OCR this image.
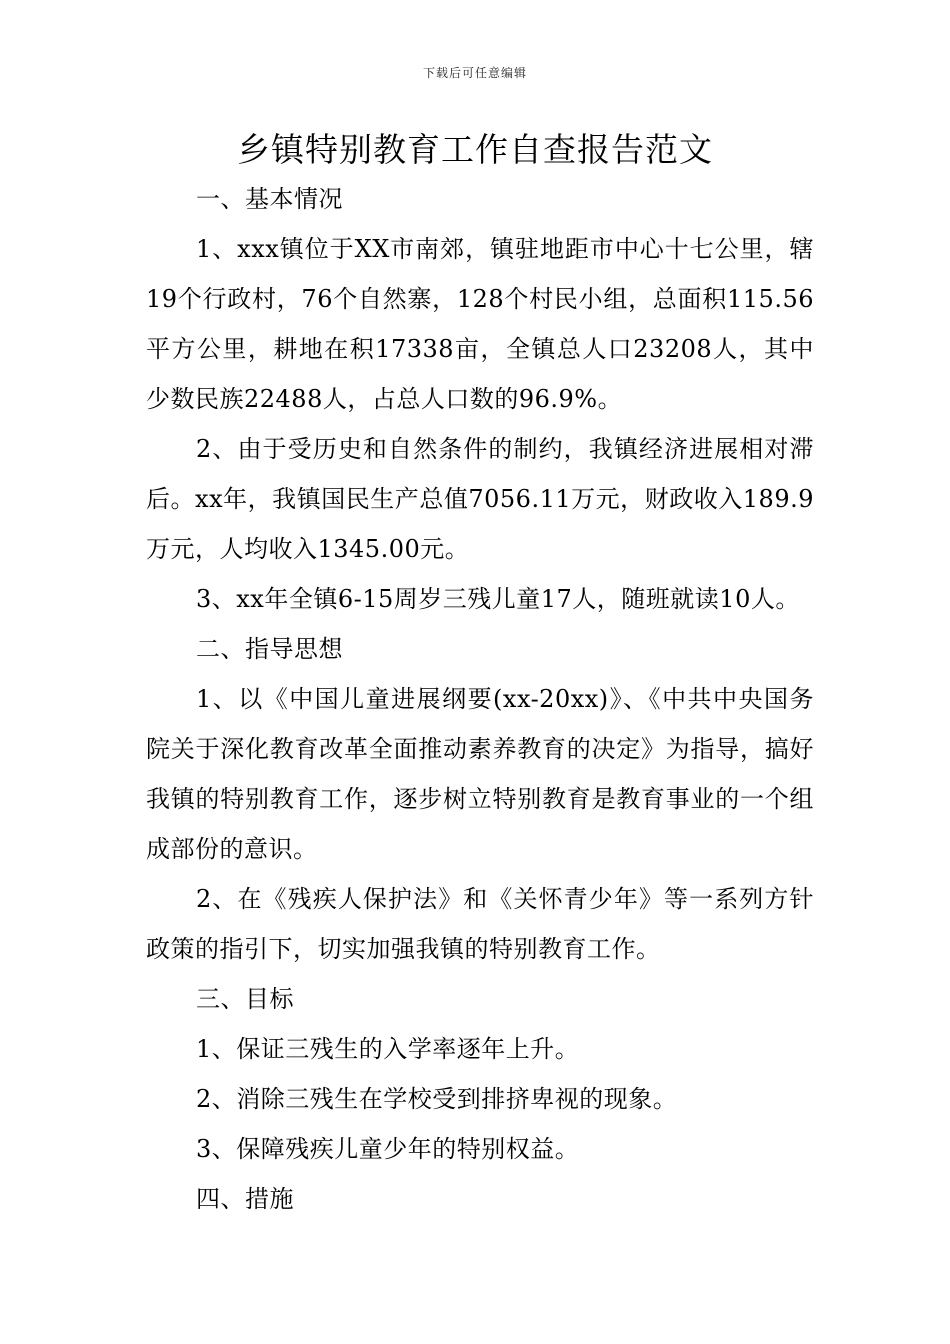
下载后可任意编辑
乡镇特别教育工作自查报告范文

一、基本情况

1、xxx镇位于XX市南郊，镇驻地距市中心十七公里，辖19个行政村，76个自然寨，128个村民小组，总面积115.56平方公里，耕地在积17338亩，全镇总人口23208人，其中少数民族22488人，占总人口数的96.9%。

2、由于受历史和自然条件的制约，我镇经济进展相对滞后。xx年，我镇国民生产总值7056.11万元，财政收入189.9万元，人均收入1345.00元。

3、xx年全镇6-15周岁三残儿童17人，随班就读10人。

二、指导思想

1、以《中国儿童进展纲要(xx-20xx)》、《中共中央国务院关于深化教育改革全面推动素养教育的决定》为指导，搞好我镇的特别教育工作，逐步树立特别教育是教育事业的一个组成部份的意识。

2、在《残疾人保护法》和《关怀青少年》等一系列方针政策的指引下，切实加强我镇的特别教育工作。

三、目标

1、保证三残生的入学率逐年上升。

2、消除三残生在学校受到排挤卑视的现象。

3、保障残疾儿童少年的特别权益。

四、措施
